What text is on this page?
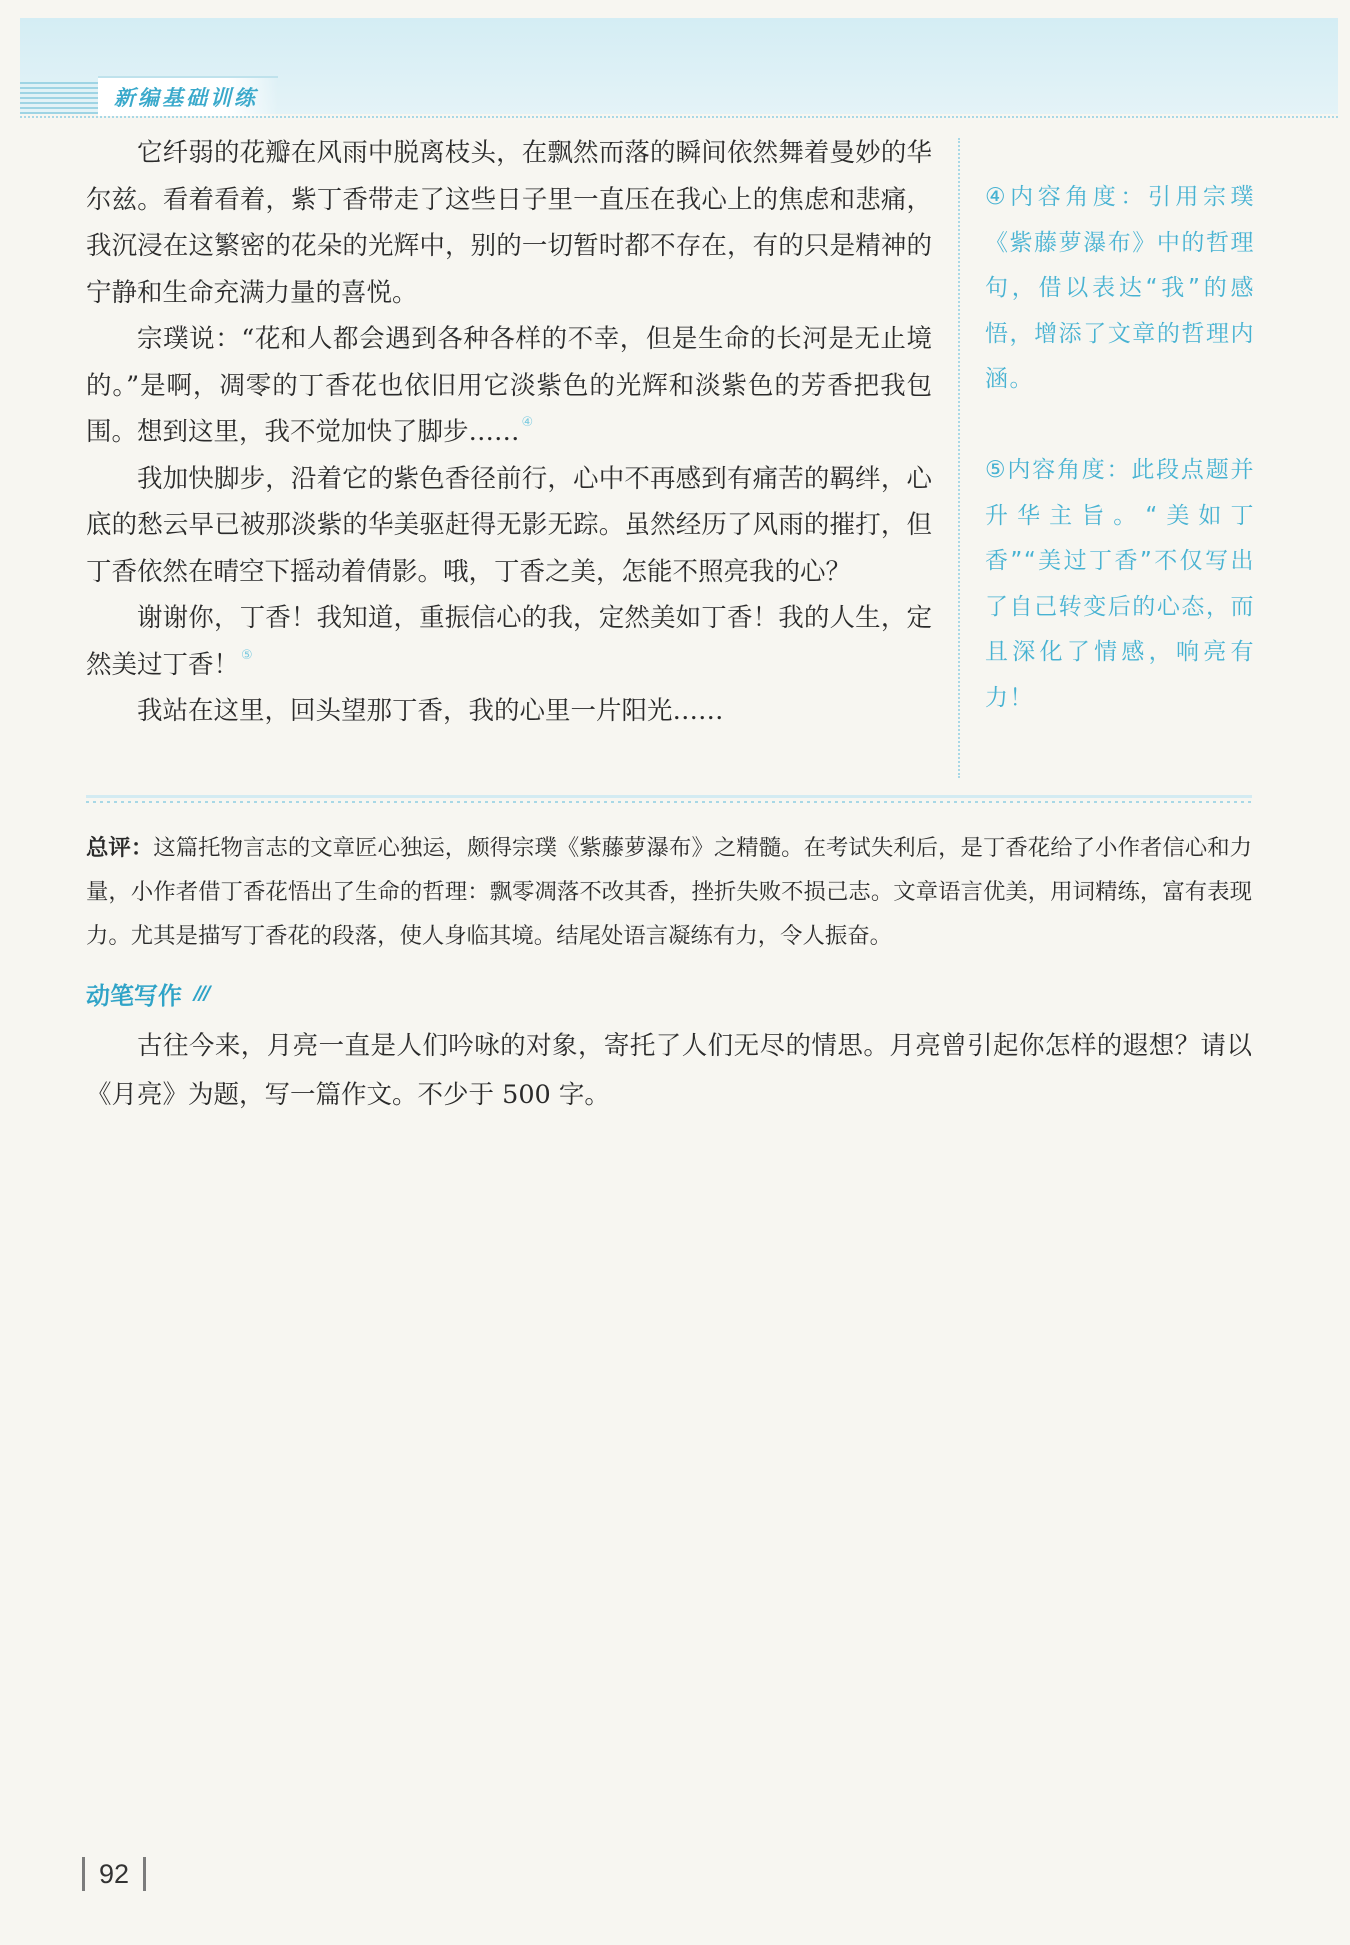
新编基础训练

它纤弱的花瓣在风雨中脱离枝头，在飘然而落的瞬间依然舞着曼妙的华尔兹。看着看着，紫丁香带走了这些日子里一直压在我心上的焦虑和悲痛，我沉浸在这繁密的花朵的光辉中，别的一切暂时都不存在，有的只是精神的宁静和生命充满力量的喜悦。

宗璞说：“花和人都会遇到各种各样的不幸，但是生命的长河是无止境的。”是啊，凋零的丁香花也依旧用它淡紫色的光辉和淡紫色的芳香把我包围。想到这里，我不觉加快了脚步…… ④

我加快脚步，沿着它的紫色香径前行，心中不再感到有痛苦的羁绊，心底的愁云早已被那淡紫的华美驱赶得无影无踪。虽然经历了风雨的摧打，但丁香依然在晴空下摇动着倩影。哦，丁香之美，怎能不照亮我的心？

谢谢你，丁香！我知道，重振信心的我，定然美如丁香！我的人生，定然美过丁香！ ⑤

我站在这里，回头望那丁香，我的心里一片阳光……

④内容角度：引用宗璞《紫藤萝瀑布》中的哲理句，借以表达“我”的感悟，增添了文章的哲理内涵。
⑤内容角度：此段点题并升华主旨。“美如丁香”“美过丁香”不仅写出了自己转变后的心态，而且深化了情感，响亮有力！
总评：这篇托物言志的文章匠心独运，颇得宗璞《紫藤萝瀑布》之精髓。在考试失利后，是丁香花给了小作者信心和力量，小作者借丁香花悟出了生命的哲理：飘零凋落不改其香，挫折失败不损己志。文章语言优美，用词精练，富有表现力。尤其是描写丁香花的段落，使人身临其境。结尾处语言凝练有力，令人振奋。
动笔写作 ///

古往今来，月亮一直是人们吟咏的对象，寄托了人们无尽的情思。月亮曾引起你怎样的遐想？请以《月亮》为题，写一篇作文。不少于 500 字。

92
